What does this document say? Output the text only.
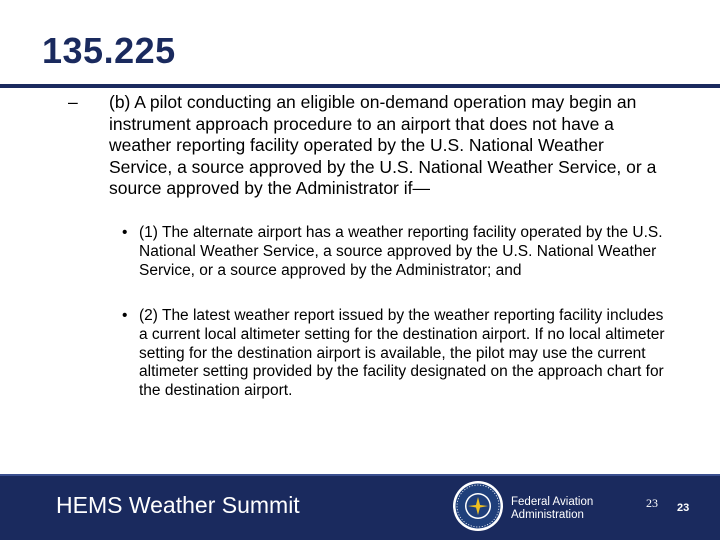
135.225
– (b) A pilot conducting an eligible on-demand operation may begin an instrument approach procedure to an airport that does not have a weather reporting facility operated by the U.S. National Weather Service, a source approved by the U.S. National Weather Service, or a source approved by the Administrator if—
• (1) The alternate airport has a weather reporting facility operated by the U.S. National Weather Service, a source approved by the U.S. National Weather Service, or a source approved by the Administrator; and
• (2) The latest weather report issued by the weather reporting facility includes a current local altimeter setting for the destination airport. If no local altimeter setting for the destination airport is available, the pilot may use the current altimeter setting provided by the facility designated on the approach chart for the destination airport.
HEMS Weather Summit	Federal Aviation
Administration
23 23
